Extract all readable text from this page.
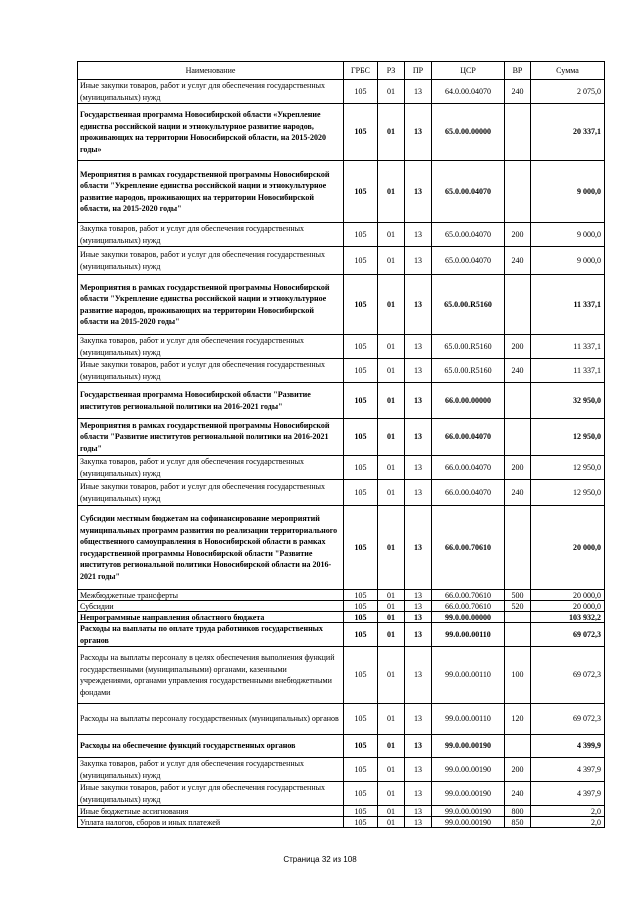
Наименование	ГРБС	РЗ	ПР	ЦСР	ВР	Сумма
Иные закупки товаров, работ и услуг для обеспечения государственных (муниципальных) нужд	105	01	13	64.0.00.04070	240	2 075,0
Государственная программа Новосибирской области «Укрепление единства российской нации и этнокультурное развитие народов, проживающих на территории Новосибирской области, на 2015-2020 годы»	105	01	13	65.0.00.00000		20 337,1
Мероприятия в рамках государственной программы Новосибирской области "Укрепление единства российской нации и этнокультурное развитие народов, проживающих на территории Новосибирской области, на 2015-2020 годы"	105	01	13	65.0.00.04070		9 000,0
Закупка товаров, работ и услуг для обеспечения государственных (муниципальных) нужд	105	01	13	65.0.00.04070	200	9 000,0
Иные закупки товаров, работ и услуг для обеспечения государственных (муниципальных) нужд	105	01	13	65.0.00.04070	240	9 000,0
Мероприятия в рамках государственной программы Новосибирской области "Укрепление единства российской нации и этнокультурное развитие народов, проживающих на территории Новосибирской области на 2015-2020 годы"	105	01	13	65.0.00.R5160		11 337,1
Закупка товаров, работ и услуг для обеспечения государственных (муниципальных) нужд	105	01	13	65.0.00.R5160	200	11 337,1
Иные закупки товаров, работ и услуг для обеспечения государственных (муниципальных) нужд	105	01	13	65.0.00.R5160	240	11 337,1
Государственная программа Новосибирской области "Развитие институтов региональной политики на 2016-2021 годы"	105	01	13	66.0.00.00000		32 950,0
Мероприятия в рамках государственной программы Новосибирской области "Развитие институтов региональной политики на 2016-2021 годы"	105	01	13	66.0.00.04070		12 950,0
Закупка товаров, работ и услуг для обеспечения государственных (муниципальных) нужд	105	01	13	66.0.00.04070	200	12 950,0
Иные закупки товаров, работ и услуг для обеспечения государственных (муниципальных) нужд	105	01	13	66.0.00.04070	240	12 950,0
Субсидии местным бюджетам на софинансирование мероприятий муниципальных программ развития по реализации территориального общественного самоуправления в Новосибирской области в рамках государственной программы Новосибирской области "Развитие институтов региональной политики Новосибирской области на 2016-2021 годы"	105	01	13	66.0.00.70610		20 000,0
Межбюджетные трансферты	105	01	13	66.0.00.70610	500	20 000,0
Субсидии	105	01	13	66.0.00.70610	520	20 000,0
Непрограммные направления областного бюджета	105	01	13	99.0.00.00000		103 932,2
Расходы на выплаты по оплате труда работников государственных органов	105	01	13	99.0.00.00110		69 072,3
Расходы на выплаты персоналу в целях обеспечения выполнения функций государственными (муниципальными) органами, казенными учреждениями, органами управления государственными внебюджетными фондами	105	01	13	99.0.00.00110	100	69 072,3
Расходы на выплаты персоналу государственных (муниципальных) органов	105	01	13	99.0.00.00110	120	69 072,3
Расходы на обеспечение функций государственных органов	105	01	13	99.0.00.00190		4 399,9
Закупка товаров, работ и услуг для обеспечения государственных (муниципальных) нужд	105	01	13	99.0.00.00190	200	4 397,9
Иные закупки товаров, работ и услуг для обеспечения государственных (муниципальных) нужд	105	01	13	99.0.00.00190	240	4 397,9
Иные бюджетные ассигнования	105	01	13	99.0.00.00190	800	2,0
Уплата налогов, сборов и иных платежей	105	01	13	99.0.00.00190	850	2,0
Страница 32 из 108
